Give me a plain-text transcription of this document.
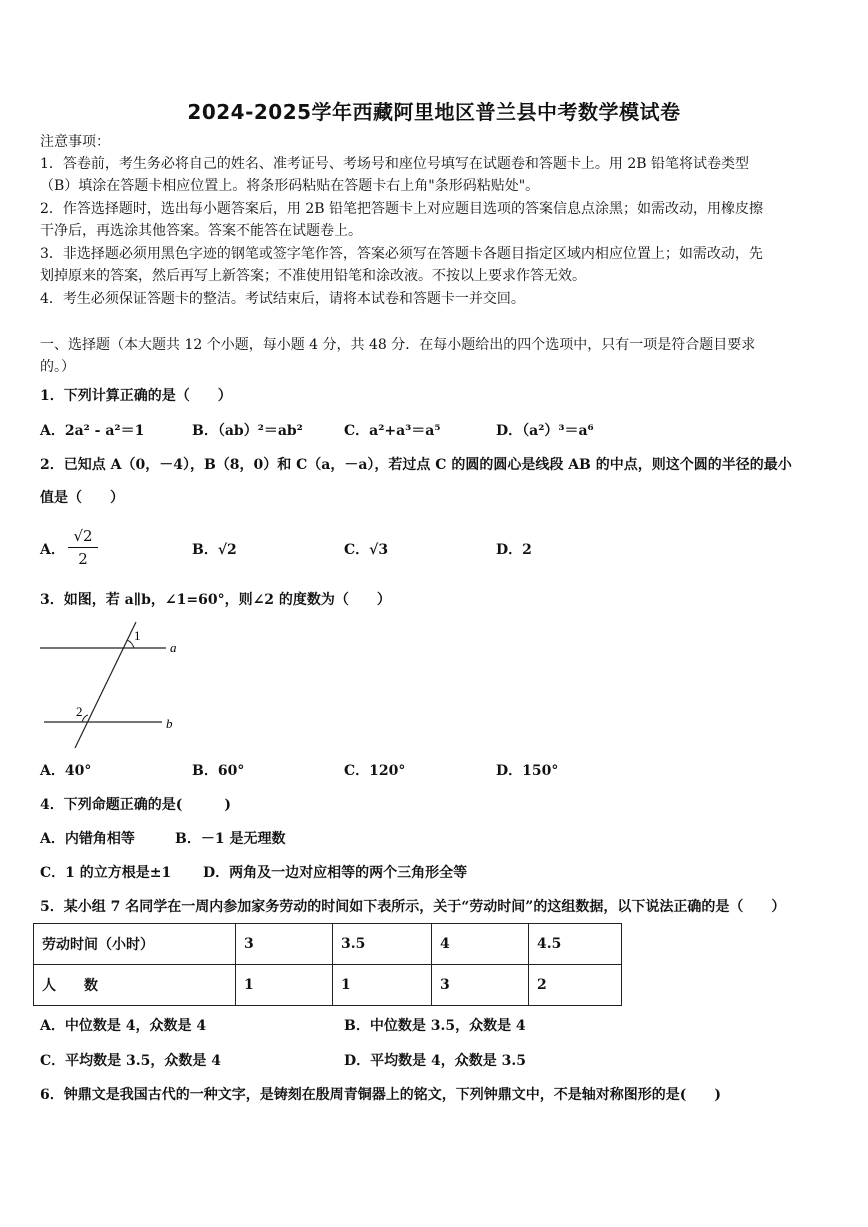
2024-2025学年西藏阿里地区普兰县中考数学模试卷
注意事项：
1．答卷前，考生务必将自己的姓名、准考证号、考场号和座位号填写在试题卷和答题卡上。用 2B 铅笔将试卷类型
（B）填涂在答题卡相应位置上。将条形码粘贴在答题卡右上角"条形码粘贴处"。
2．作答选择题时，选出每小题答案后，用 2B 铅笔把答题卡上对应题目选项的答案信息点涂黑；如需改动，用橡皮擦
干净后，再选涂其他答案。答案不能答在试题卷上。
3．非选择题必须用黑色字迹的钢笔或签字笔作答，答案必须写在答题卡各题目指定区域内相应位置上；如需改动，先
划掉原来的答案，然后再写上新答案；不准使用铅笔和涂改液。不按以上要求作答无效。
4．考生必须保证答题卡的整洁。考试结束后，请将本试卷和答题卡一并交回。
一、选择题（本大题共 12 个小题，每小题 4 分，共 48 分．在每小题给出的四个选项中，只有一项是符合题目要求
的。）
1．下列计算正确的是（　　）
A．2a² - a²＝1	B．（ab）²＝ab²	C．a²+a³＝a⁵	D．（a²）³＝a⁶
2．已知点 A（0，－4），B（8，0）和 C（a，－a），若过点 C 的圆的圆心是线段 AB 的中点，则这个圆的半径的最小
值是（　　）
A．
√2
2	B．√2	C．√3	D．2
3．如图，若 a∥b，∠1=60°，则∠2 的度数为（　　）
1
a
2
b
A．40°	B．60°	C．120°	D．150°
4．下列命题正确的是(　　　)
A．内错角相等	B．－1 是无理数
C．1 的立方根是±1 D．两角及一边对应相等的两个三角形全等
5．某小组 7 名同学在一周内参加家务劳动的时间如下表所示，关于“劳动时间”的这组数据，以下说法正确的是（　　）
劳动时间（小时）	3	3.5	4	4.5
人　　数	1	1	3	2
A．中位数是 4，众数是 4	B．中位数是 3.5，众数是 4
C．平均数是 3.5，众数是 4	D．平均数是 4，众数是 3.5
6．钟鼎文是我国古代的一种文字，是铸刻在殷周青铜器上的铭文，下列钟鼎文中，不是轴对称图形的是(　　)
